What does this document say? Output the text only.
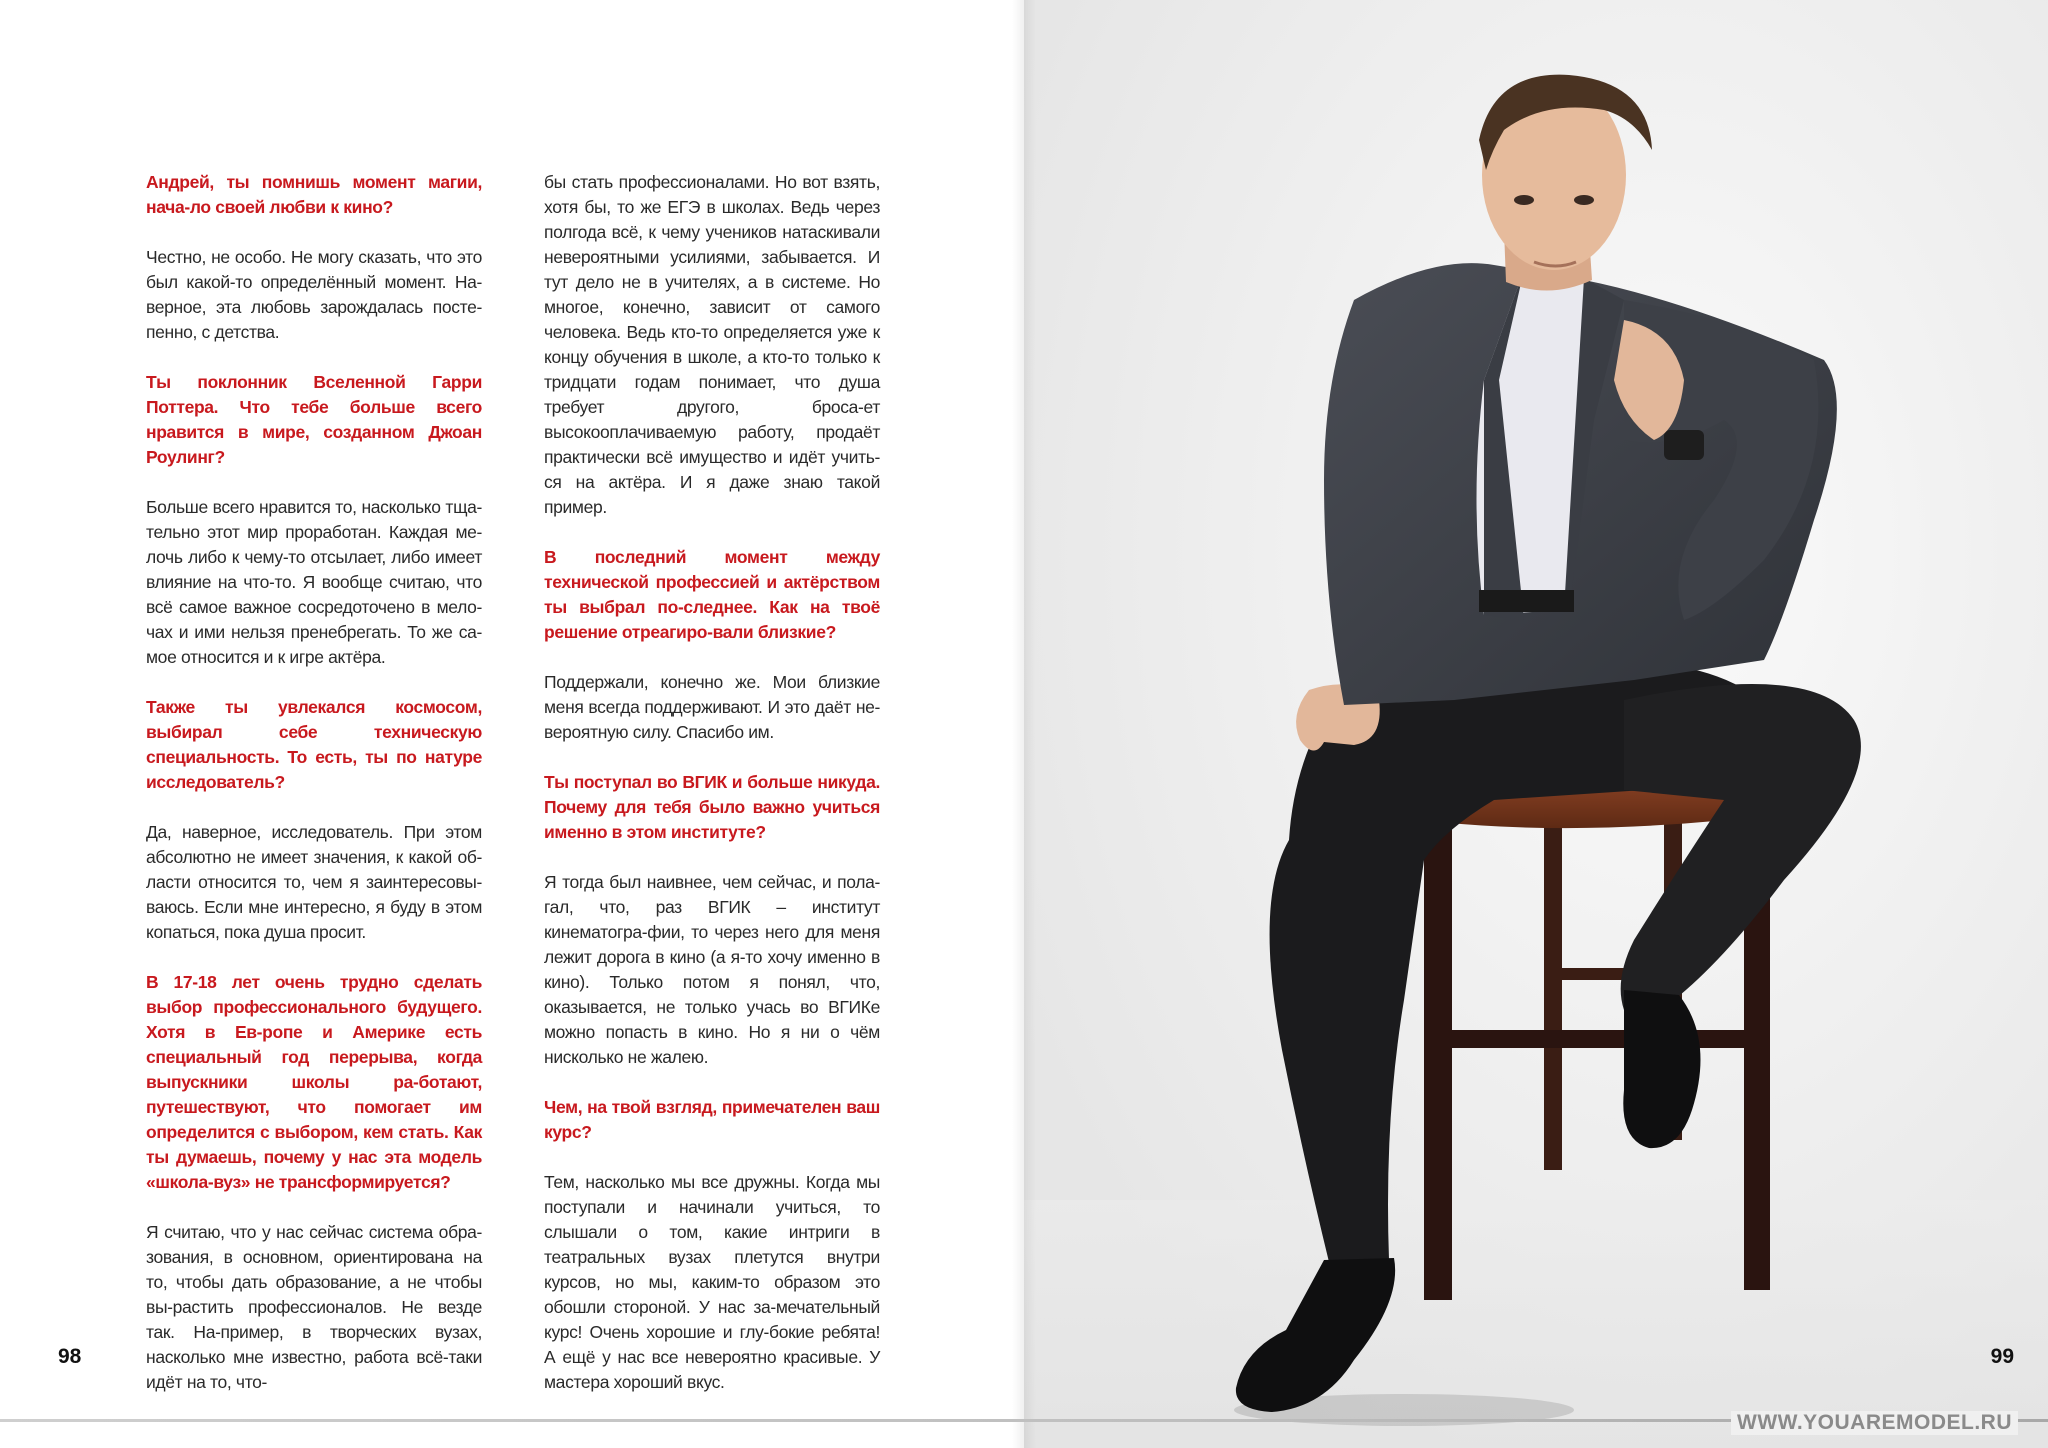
Андрей, ты помнишь момент магии, нача-ло своей любви к кино?

Честно, не особо. Не могу сказать, что это был какой-то определённый момент. На-верное, эта любовь зарождалась посте-пенно, с детства.

Ты поклонник Вселенной Гарри Поттера. Что тебе больше всего нравится в мире, созданном Джоан Роулинг?

Больше всего нравится то, насколько тща-тельно этот мир проработан. Каждая ме-лочь либо к чему-то отсылает, либо имеет влияние на что-то. Я вообще считаю, что всё самое важное сосредоточено в мело-чах и ими нельзя пренебрегать. То же са-мое относится и к игре актёра.

Также ты увлекался космосом, выбирал себе техническую специальность. То есть, ты по натуре исследователь?

Да, наверное, исследователь. При этом абсолютно не имеет значения, к какой об-ласти относится то, чем я заинтересовы-ваюсь. Если мне интересно, я буду в этом копаться, пока душа просит.

В 17-18 лет очень трудно сделать выбор профессионального будущего. Хотя в Ев-ропе и Америке есть специальный год перерыва, когда выпускники школы ра-ботают, путешествуют, что помогает им определится с выбором, кем стать. Как ты думаешь, почему у нас эта модель «школа-вуз» не трансформируется?

Я считаю, что у нас сейчас система обра-зования, в основном, ориентирована на то, чтобы дать образование, а не чтобы вы-растить профессионалов. Не везде так. На-пример, в творческих вузах, насколько мне известно, работа всё-таки идёт на то, что-

бы стать профессионалами. Но вот взять, хотя бы, то же ЕГЭ в школах. Ведь через полгода всё, к чему учеников натаскивали невероятными усилиями, забывается. И тут дело не в учителях, а в системе. Но многое, конечно, зависит от самого человека. Ведь кто-то определяется уже к концу обучения в школе, а кто-то только к тридцати годам понимает, что душа требует другого, бросa-ет высокооплачиваемую работу, продаёт практически всё имущество и идёт учить-ся на актёра. И я даже знаю такой пример.

В последний момент между технической профессией и актёрством ты выбрал по-следнее. Как на твоё решение отреагиро-вали близкие?

Поддержали, конечно же. Мои близкие меня всегда поддерживают. И это даёт не-вероятную силу. Спасибо им.

Ты поступал во ВГИК и больше никуда. Почему для тебя было важно учиться именно в этом институте?

Я тогда был наивнее, чем сейчас, и пола-гал, что, раз ВГИК – институт кинематогра-фии, то через него для меня лежит дорога в кино (а я-то хочу именно в кино). Только потом я понял, что, оказывается, не только учась во ВГИКе можно попасть в кино. Но я ни о чём нисколько не жалею.

Чем, на твой взгляд, примечателен ваш курс?

Тем, насколько мы все дружны. Когда мы поступали и начинали учиться, то слышали о том, какие интриги в театральных вузах плетутся внутри курсов, но мы, каким-то образом это обошли стороной. У нас за-мечательный курс! Очень хорошие и глу-бокие ребята! А ещё у нас все невероятно красивые. У мастера хороший вкус.

98	99
WWW.YOUAREMODEL.RU
